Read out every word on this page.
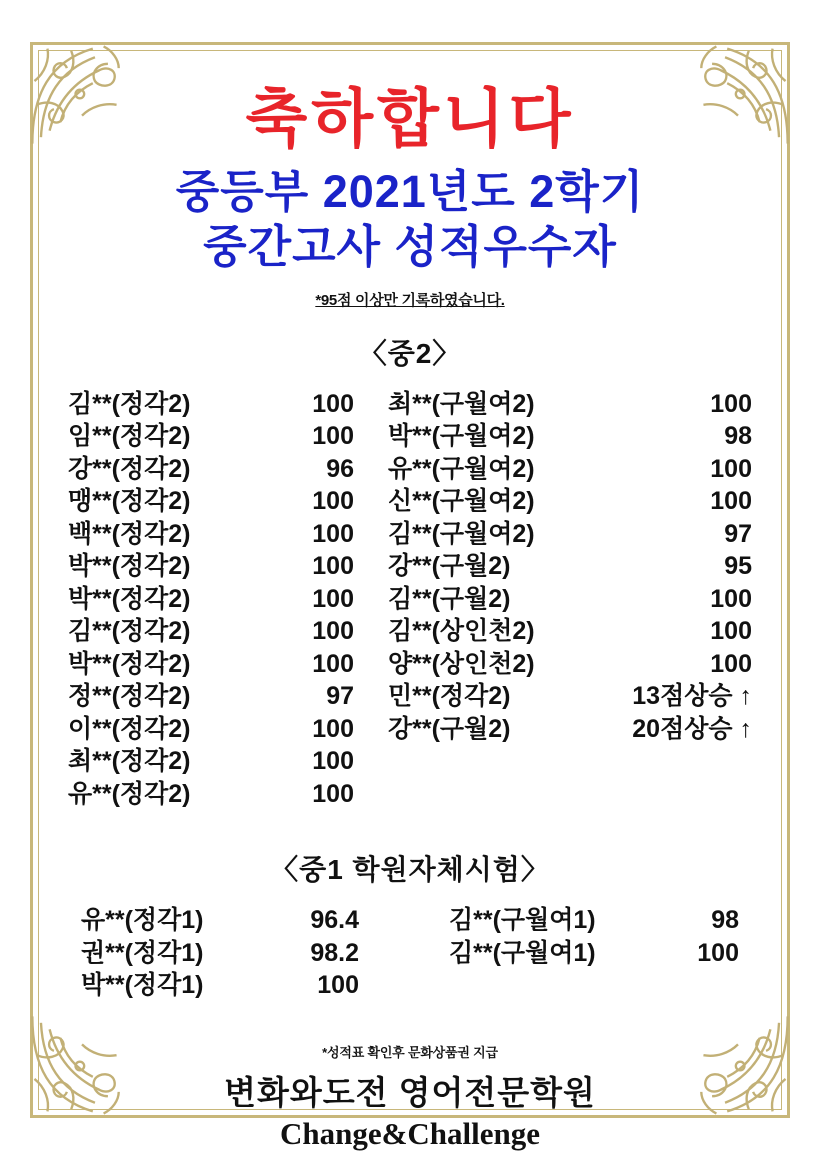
축하합니다
중등부 2021년도 2학기
중간고사 성적우수자
*95점 이상만 기록하였습니다.
〈중2〉
김**(정각2)	100
임**(정각2)	100
강**(정각2)	96
맹**(정각2)	100
백**(정각2)	100
박**(정각2)	100
박**(정각2)	100
김**(정각2)	100
박**(정각2)	100
정**(정각2)	97
이**(정각2)	100
최**(정각2)	100
유**(정각2)	100
최**(구월여2)	100
박**(구월여2)	98
유**(구월여2)	100
신**(구월여2)	100
김**(구월여2)	97
강**(구월2)	95
김**(구월2)	100
김**(상인천2)	100
양**(상인천2)	100
민**(정각2)	13점상승 ↑
강**(구월2)	20점상승 ↑
〈중1 학원자체시험〉
유**(정각1)	96.4
권**(정각1)	98.2
박**(정각1)	100
김**(구월여1)	98
김**(구월여1)	100
*성적표 확인후 문화상품권 지급
변화와도전 영어전문학원
Change&Challenge
